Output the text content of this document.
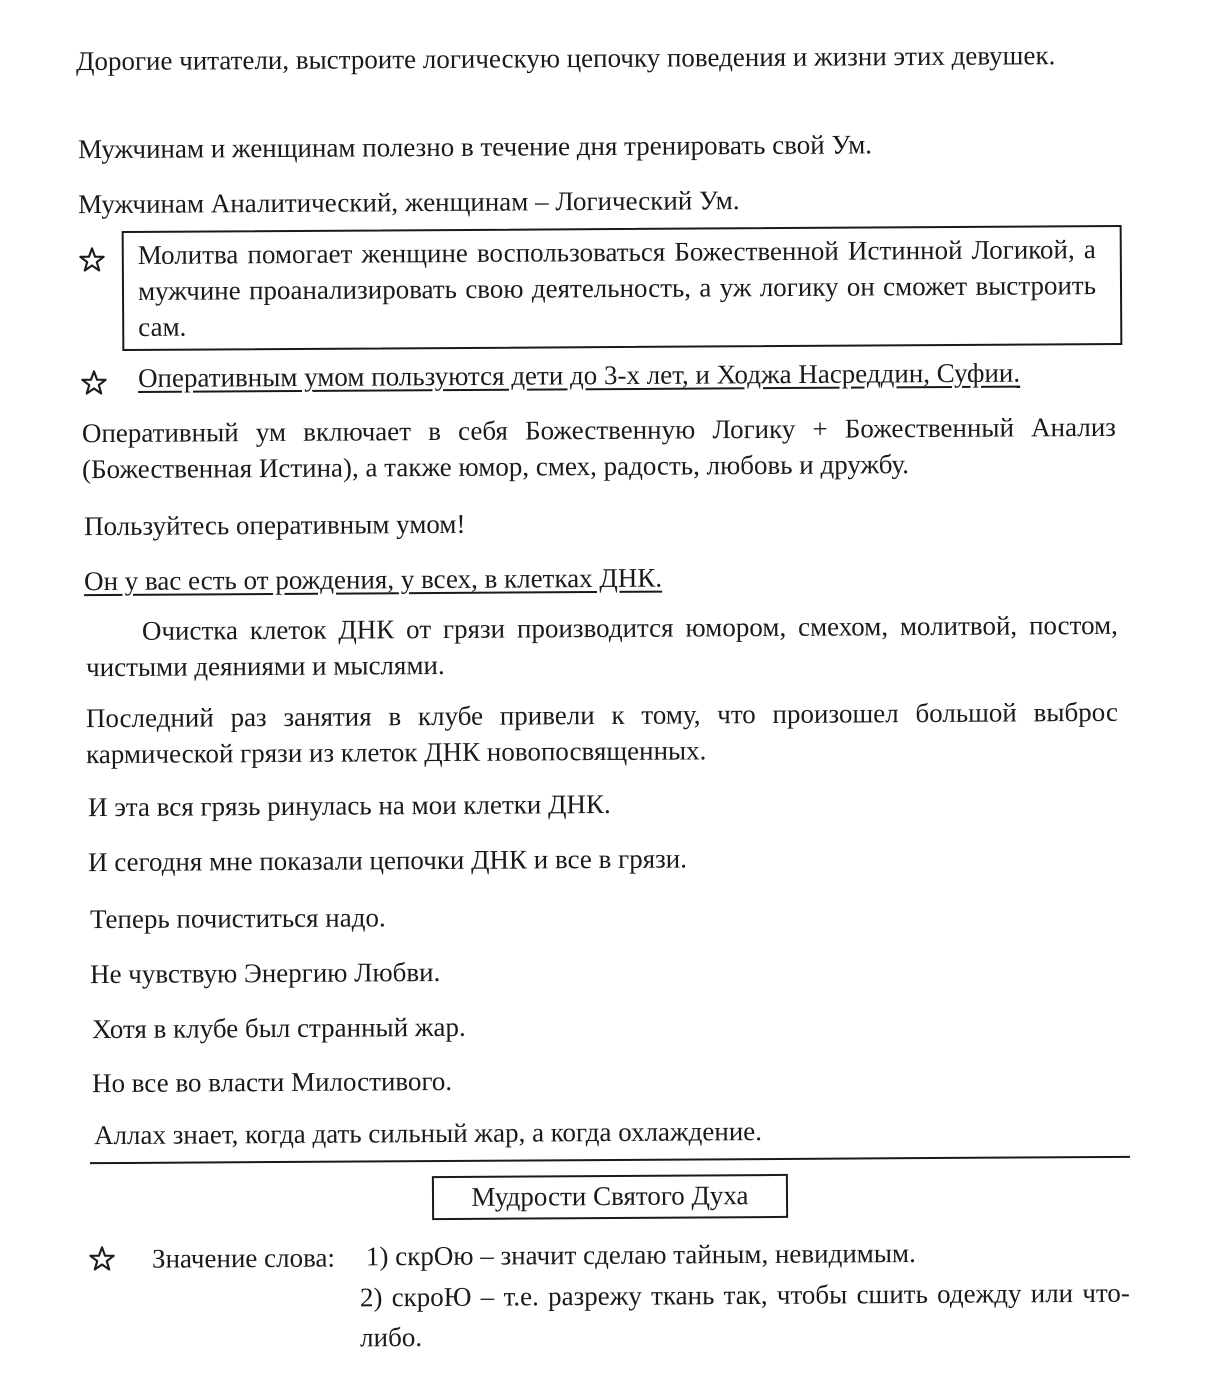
Дорогие читатели, выстроите логическую цепочку поведения и жизни этих девушек.

Мужчинам и женщинам полезно в течение дня тренировать свой Ум.

Мужчинам Аналитический, женщинам – Логический Ум.

Молитва помогает женщине воспользоваться Божественной Истинной Логикой, а мужчине проанализировать свою деятельность, а уж логику он сможет выстроить сам.

Оперативным умом пользуются дети до 3-х лет, и Ходжа Насреддин, Суфии.

Оперативный ум включает в себя Божественную Логику + Божественный Анализ (Божественная Истина), а также юмор, смех, радость, любовь и дружбу.

Пользуйтесь оперативным умом!

Он у вас есть от рождения, у всех, в клетках ДНК.

Очистка клеток ДНК от грязи производится юмором, смехом, молитвой, постом, чистыми деяниями и мыслями.

Последний раз занятия в клубе привели к тому, что произошел большой выброс кармической грязи из клеток ДНК новопосвященных.

И эта вся грязь ринулась на мои клетки ДНК.

И сегодня мне показали цепочки ДНК и все в грязи.

Теперь почиститься надо.

Не чувствую Энергию Любви.

Хотя в клубе был странный жар.

Но все во власти Милостивого.

Аллах знает, когда дать сильный жар, а когда охлаждение.

Мудрости Святого Духа

Значение слова:	1) скрОю – значит сделаю тайным, невидимым.

2) скроЮ – т.е. разрежу ткань так, чтобы сшить одежду или что-либо.
